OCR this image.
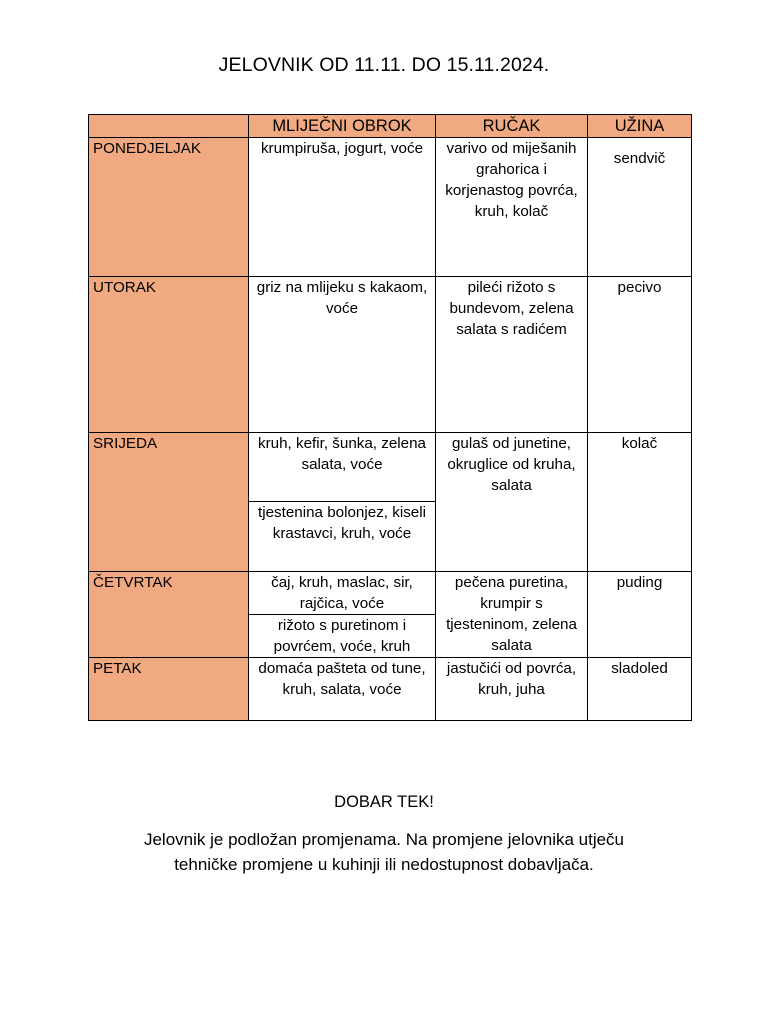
JELOVNIK OD 11.11. DO 15.11.2024.
	MLIJEČNI OBROK	RUČAK	UŽINA
PONEDJELJAK	krumpiruša, jogurt, voće	varivo od miješanih grahorica i korjenastog povrća, kruh, kolač	sendvič
UTORAK	griz na mlijeku s kakaom, voće	pileći rižoto s bundevom, zelena salata s radićem	pecivo
SRIJEDA	kruh, kefir, šunka, zelena salata, voće	gulaš od junetine, okruglice od kruha, salata	kolač
	tjestenina bolonjez, kiseli krastavci, kruh, voće		
ČETVRTAK	čaj, kruh, maslac, sir, rajčica, voće	pečena puretina, krumpir s tjesteninom, zelena salata	puding
	rižoto s puretinom i povrćem, voće, kruh		
PETAK	domaća pašteta od tune, kruh, salata, voće	jastučići od povrća, kruh, juha	sladoled
DOBAR TEK!
Jelovnik je podložan promjenama. Na promjene jelovnika utječu
tehničke promjene u kuhinji ili nedostupnost dobavljača.
